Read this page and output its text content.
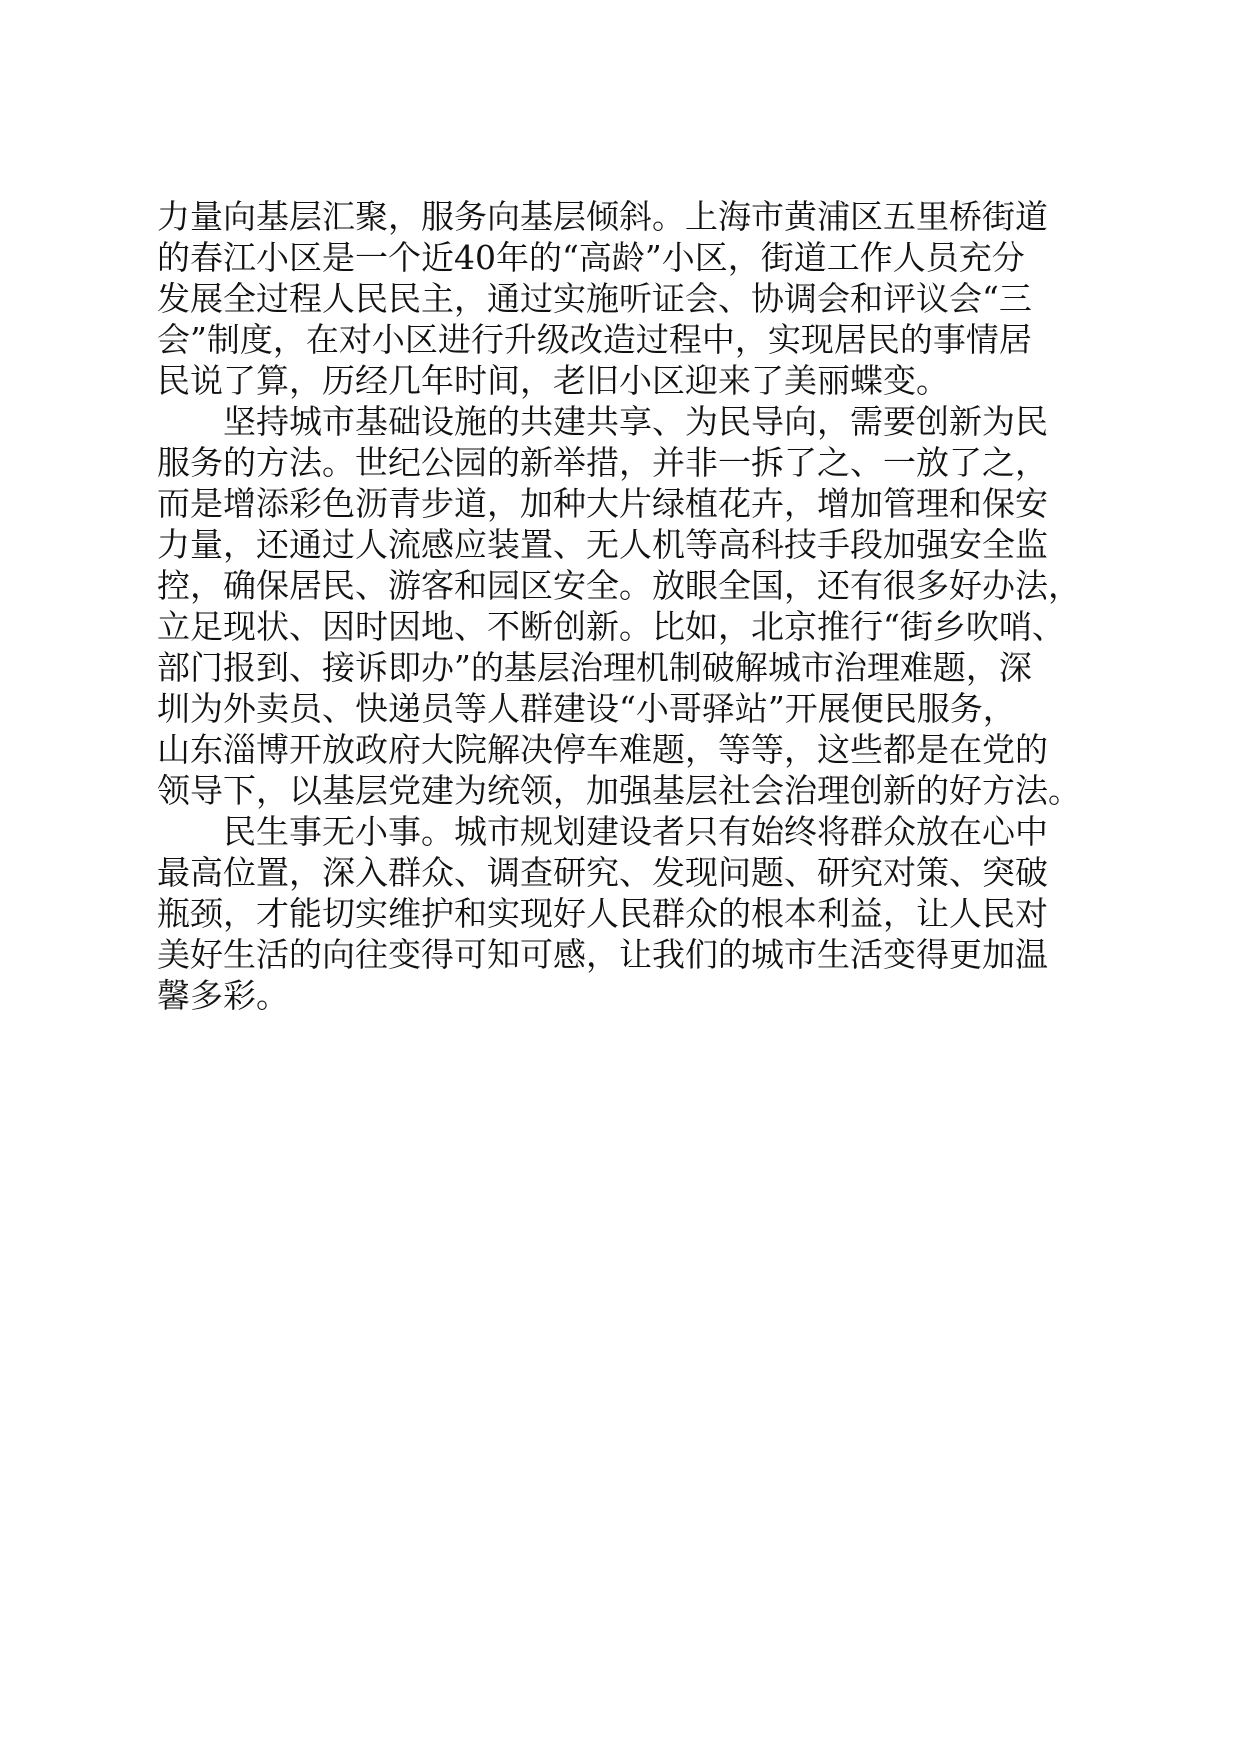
力量向基层汇聚，服务向基层倾斜。上海市黄浦区五里桥街道
的春江小区是一个近40年的“高龄”小区，街道工作人员充分
发展全过程人民民主，通过实施听证会、协调会和评议会“三
会”制度，在对小区进行升级改造过程中，实现居民的事情居
民说了算，历经几年时间，老旧小区迎来了美丽蝶变。
坚持城市基础设施的共建共享、为民导向，需要创新为民
服务的方法。世纪公园的新举措，并非一拆了之、一放了之，
而是增添彩色沥青步道，加种大片绿植花卉，增加管理和保安
力量，还通过人流感应装置、无人机等高科技手段加强安全监
控，确保居民、游客和园区安全。放眼全国，还有很多好办法，
立足现状、因时因地、不断创新。比如，北京推行“街乡吹哨、
部门报到、接诉即办”的基层治理机制破解城市治理难题，深
圳为外卖员、快递员等人群建设“小哥驿站”开展便民服务，
山东淄博开放政府大院解决停车难题，等等，这些都是在党的
领导下，以基层党建为统领，加强基层社会治理创新的好方法。
民生事无小事。城市规划建设者只有始终将群众放在心中
最高位置，深入群众、调查研究、发现问题、研究对策、突破
瓶颈，才能切实维护和实现好人民群众的根本利益，让人民对
美好生活的向往变得可知可感，让我们的城市生活变得更加温
馨多彩。
